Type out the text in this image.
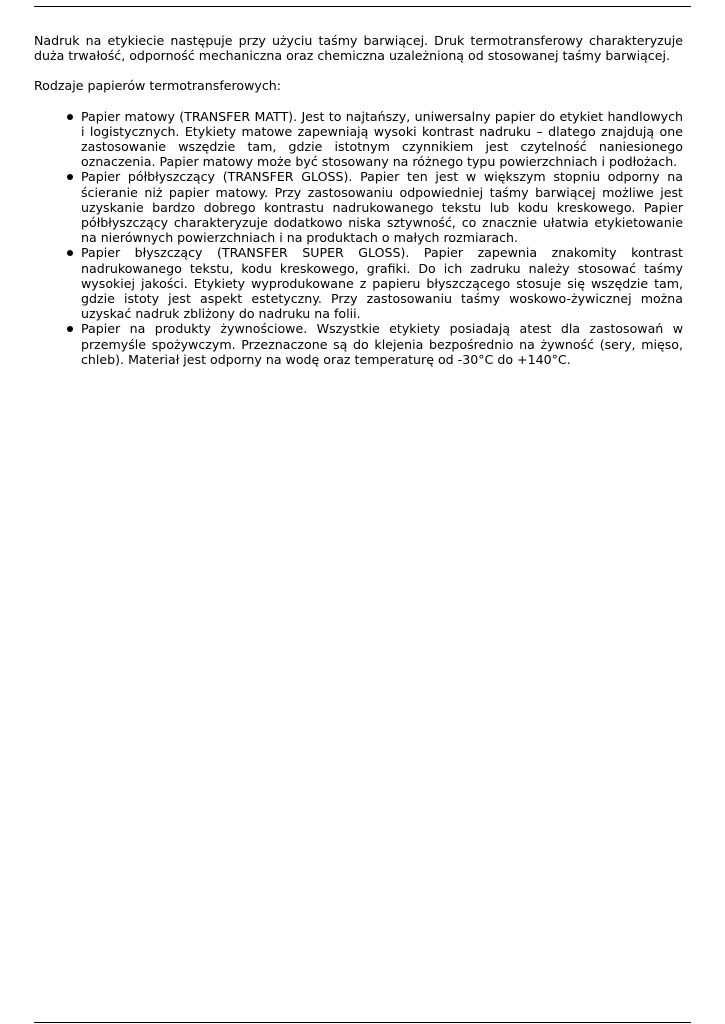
Nadruk na etykiecie następuje przy użyciu taśmy barwiącej. Druk termotransferowy charakteryzuje duża trwałość, odporność mechaniczna oraz chemiczna uzależnioną od stosowanej taśmy barwiącej.

Rodzaje papierów termotransferowych:

Papier matowy (TRANSFER MATT). Jest to najtańszy, uniwersalny papier do etykiet handlowych i logistycznych. Etykiety matowe zapewniają wysoki kontrast nadruku – dlatego znajdują one zastosowanie wszędzie tam, gdzie istotnym czynnikiem jest czytelność naniesionego oznaczenia. Papier matowy może być stosowany na różnego typu powierzchniach i podłożach.
Papier półbłyszczący (TRANSFER GLOSS). Papier ten jest w większym stopniu odporny na ścieranie niż papier matowy. Przy zastosowaniu odpowiedniej taśmy barwiącej możliwe jest uzyskanie bardzo dobrego kontrastu nadrukowanego tekstu lub kodu kreskowego. Papier półbłyszczący charakteryzuje dodatkowo niska sztywność, co znacznie ułatwia etykietowanie na nierównych powierzchniach i na produktach o małych rozmiarach.
Papier błyszczący (TRANSFER SUPER GLOSS). Papier zapewnia znakomity kontrast nadrukowanego tekstu, kodu kreskowego, grafiki. Do ich zadruku należy stosować taśmy wysokiej jakości. Etykiety wyprodukowane z papieru błyszczącego stosuje się wszędzie tam, gdzie istoty jest aspekt estetyczny. Przy zastosowaniu taśmy woskowo-żywicznej można uzyskać nadruk zbliżony do nadruku na folii.
Papier na produkty żywnościowe. Wszystkie etykiety posiadają atest dla zastosowań w przemyśle spożywczym. Przeznaczone są do klejenia bezpośrednio na żywność (sery, mięso, chleb). Materiał jest odporny na wodę oraz temperaturę od -30°C do +140°C.
